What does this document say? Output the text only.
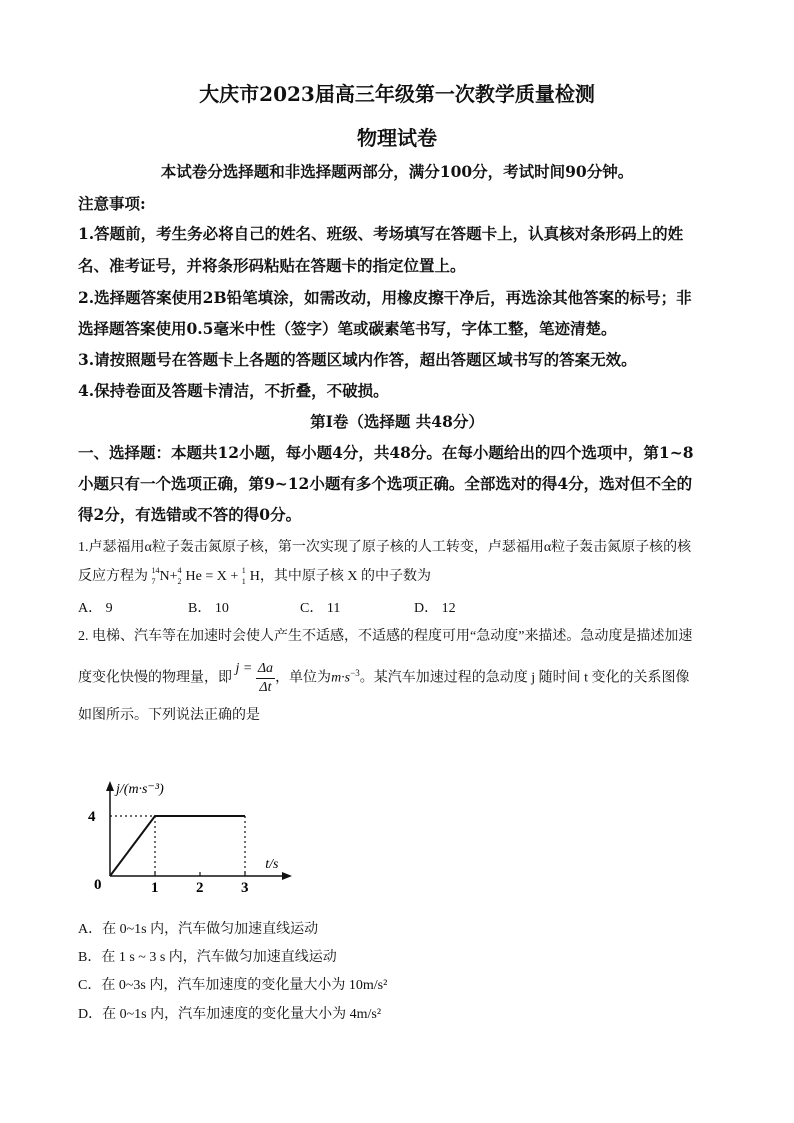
大庆市2023届高三年级第一次教学质量检测
物理试卷
本试卷分选择题和非选择题两部分，满分100分，考试时间90分钟。
注意事项:
1.答题前，考生务必将自己的姓名、班级、考场填写在答题卡上，认真核对条形码上的姓
名、准考证号，并将条形码粘贴在答题卡的指定位置上。
2.选择题答案使用2B铅笔填涂，如需改动，用橡皮擦干净后，再选涂其他答案的标号；非
选择题答案使用0.5毫米中性（签字）笔或碳素笔书写，字体工整，笔迹清楚。
3.请按照题号在答题卡上各题的答题区域内作答，超出答题区域书写的答案无效。
4.保持卷面及答题卡清洁，不折叠，不破损。
第Ⅰ卷（选择题 共48分）
一、选择题：本题共12小题，每小题4分，共48分。在每小题给出的四个选项中，第1~8
小题只有一个选项正确，第9~12小题有多个选项正确。全部选对的得4分，选对但不全的
得2分，有选错或不答的得0分。
1.卢瑟福用α粒子轰击氮原子核，第一次实现了原子核的人工转变，卢瑟福用α粒子轰击氮原子核的核
反应方程为 14
7 N+ 4
2 He = X + 1
1 H，其中原子核 X 的中子数为
A． 9	B． 10	C． 11	D． 12
2. 电梯、汽车等在加速时会使人产生不适感，不适感的程度可用“急动度”来描述。急动度是描述加速
度变化快慢的物理量，即 $j = \frac{\Delta a}{\Delta t}$ ，单位为$m\cdot s^{-3}$。某汽车加速过程的急动度 j 随时间 t 变化的关系图像
如图所示。下列说法正确的是
j/(m·s⁻³)
t/s
0	1	2	3
4
A．在 0~1s 内，汽车做匀加速直线运动
B．在 1 s ~ 3 s 内，汽车做匀加速直线运动
C．在 0~3s 内，汽车加速度的变化量大小为 10m/s²
D．在 0~1s 内，汽车加速度的变化量大小为 4m/s²
